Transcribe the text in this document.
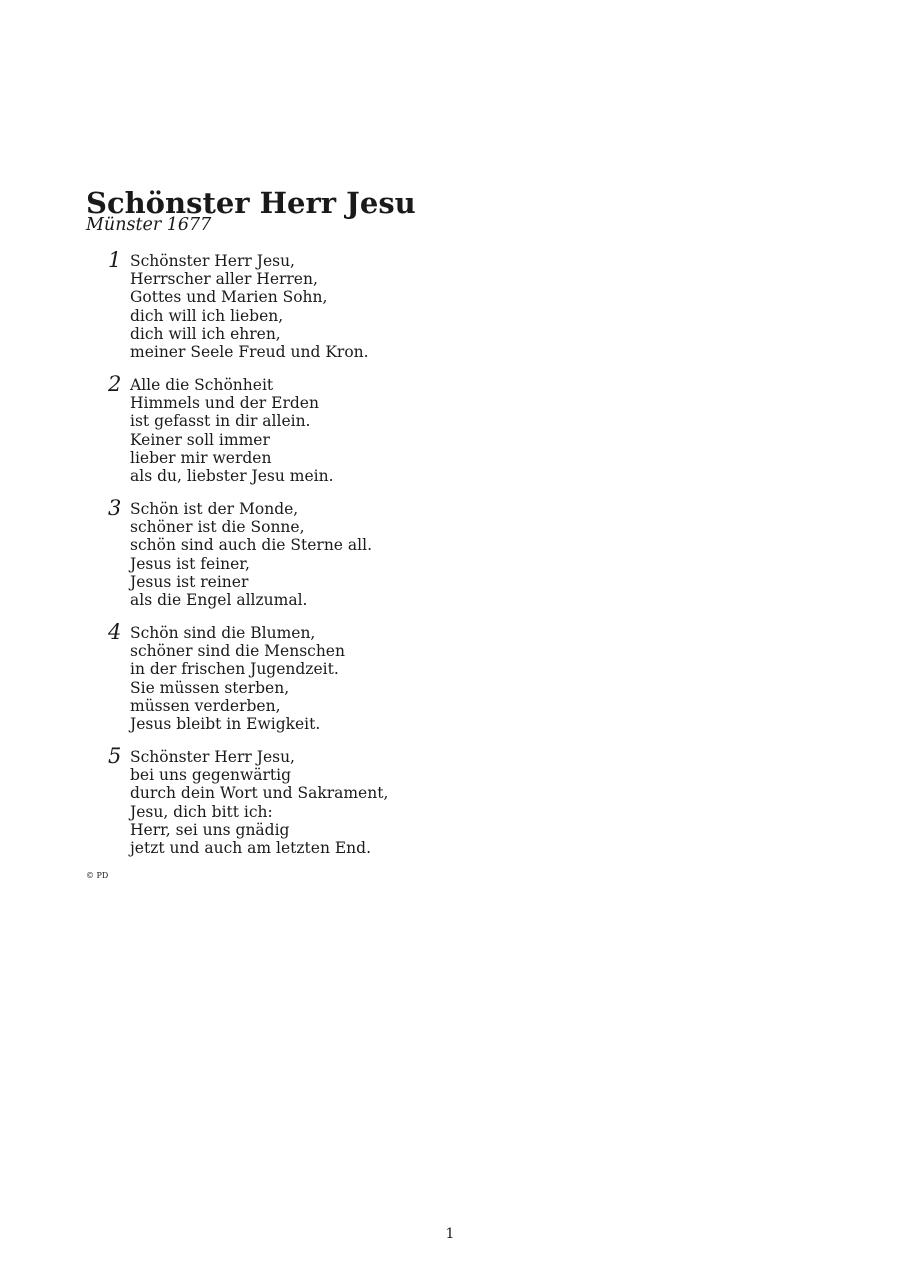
Schönster Herr Jesu
Münster 1677
1 Schönster Herr Jesu,
Herrscher aller Herren,
Gottes und Marien Sohn,
dich will ich lieben,
dich will ich ehren,
meiner Seele Freud und Kron.
2 Alle die Schönheit
Himmels und der Erden
ist gefasst in dir allein.
Keiner soll immer
lieber mir werden
als du, liebster Jesu mein.
3 Schön ist der Monde,
schöner ist die Sonne,
schön sind auch die Sterne all.
Jesus ist feiner,
Jesus ist reiner
als die Engel allzumal.
4 Schön sind die Blumen,
schöner sind die Menschen
in der frischen Jugendzeit.
Sie müssen sterben,
müssen verderben,
Jesus bleibt in Ewigkeit.
5 Schönster Herr Jesu,
bei uns gegenwärtig
durch dein Wort und Sakrament,
Jesu, dich bitt ich:
Herr, sei uns gnädig
jetzt und auch am letzten End.
© PD
1
